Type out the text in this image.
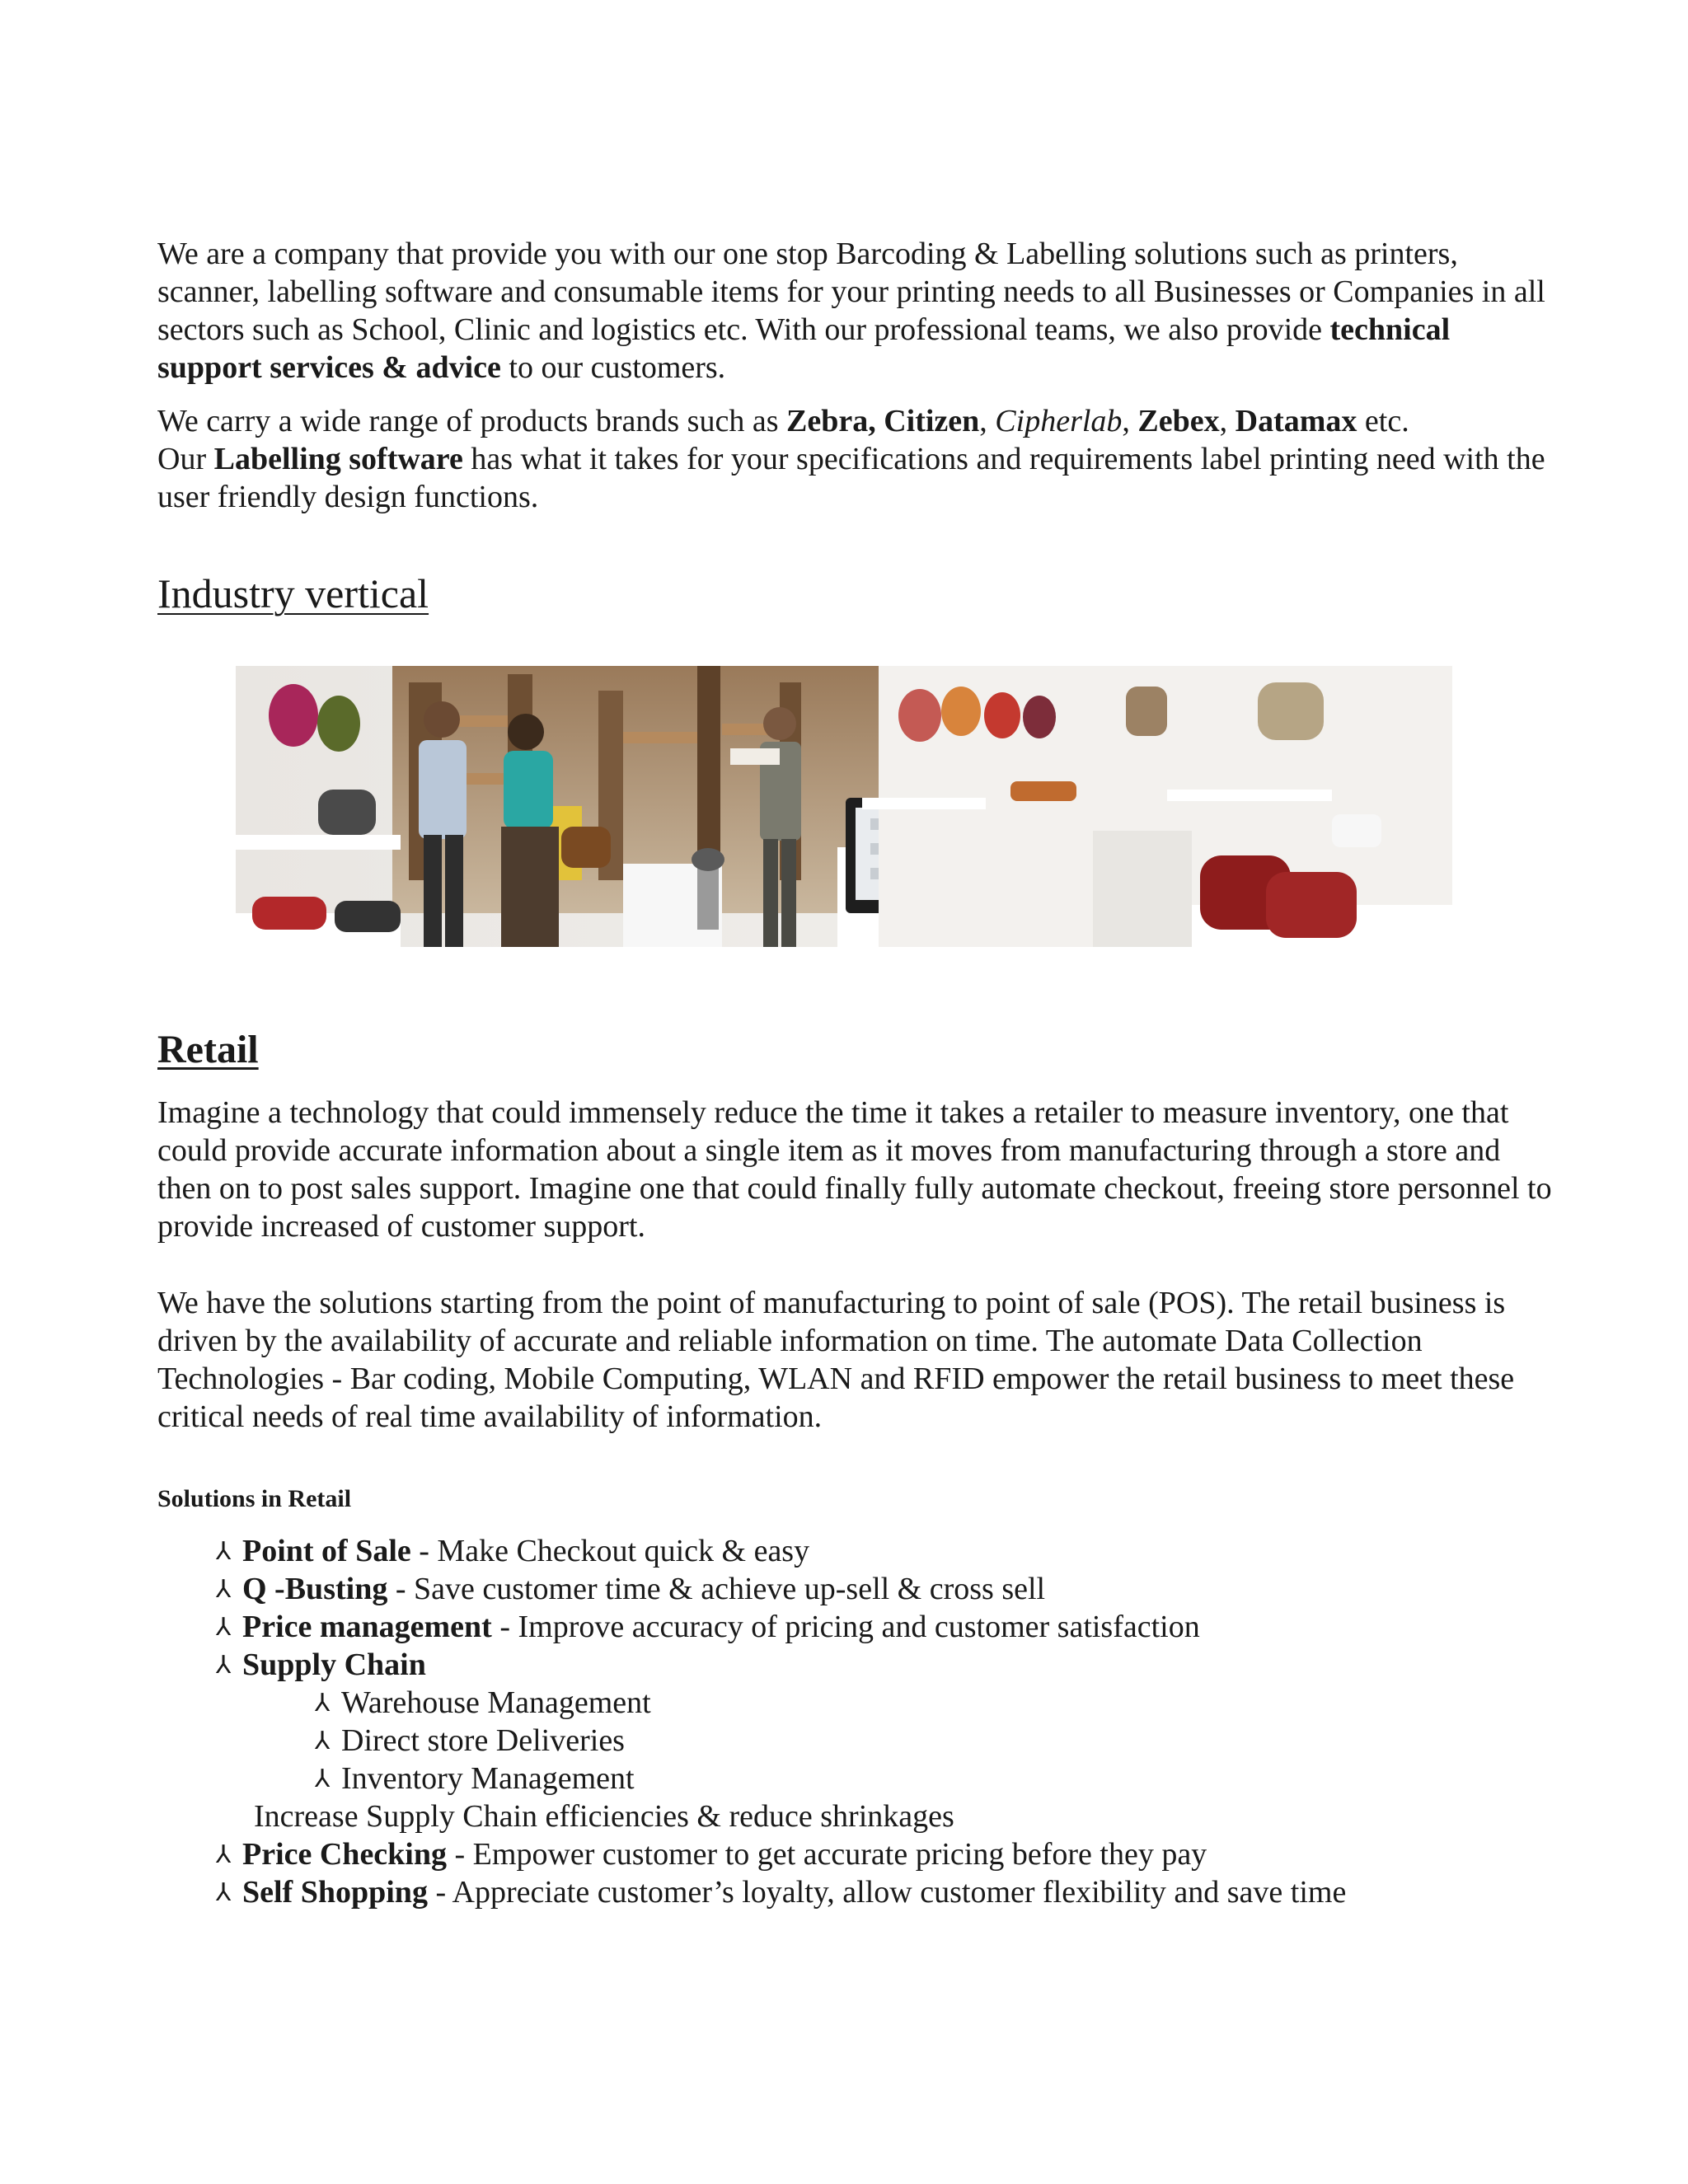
We are a company that provide you with our one stop Barcoding & Labelling solutions such as printers, scanner, labelling software and consumable items for your printing needs to all Businesses or Companies in all sectors such as School, Clinic and logistics etc. With our professional teams, we also provide technical support services & advice to our customers.

We carry a wide range of products brands such as Zebra, Citizen, Cipherlab, Zebex, Datamax etc.
Our Labelling software has what it takes for your specifications and requirements label printing need with the user friendly design functions.

Industry vertical
Retail

Imagine a technology that could immensely reduce the time it takes a retailer to measure inventory, one that could provide accurate information about a single item as it moves from manufacturing through a store and then on to post sales support. Imagine one that could finally fully automate checkout, freeing store personnel to provide increased of customer support.

We have the solutions starting from the point of manufacturing to point of sale (POS). The retail business is driven by the availability of accurate and reliable information on time. The automate Data Collection Technologies - Bar coding, Mobile Computing, WLAN and RFID empower the retail business to meet these critical needs of real time availability of information.

Solutions in Retail
⅄ Point of Sale - Make Checkout quick & easy
⅄ Q -Busting - Save customer time & achieve up-sell & cross sell
⅄ Price management - Improve accuracy of pricing and customer satisfaction
⅄ Supply Chain
⅄ Warehouse Management
⅄ Direct store Deliveries
⅄ Inventory Management
Increase Supply Chain efficiencies & reduce shrinkages
⅄ Price Checking - Empower customer to get accurate pricing before they pay
⅄ Self Shopping - Appreciate customer’s loyalty, allow customer flexibility and save time
